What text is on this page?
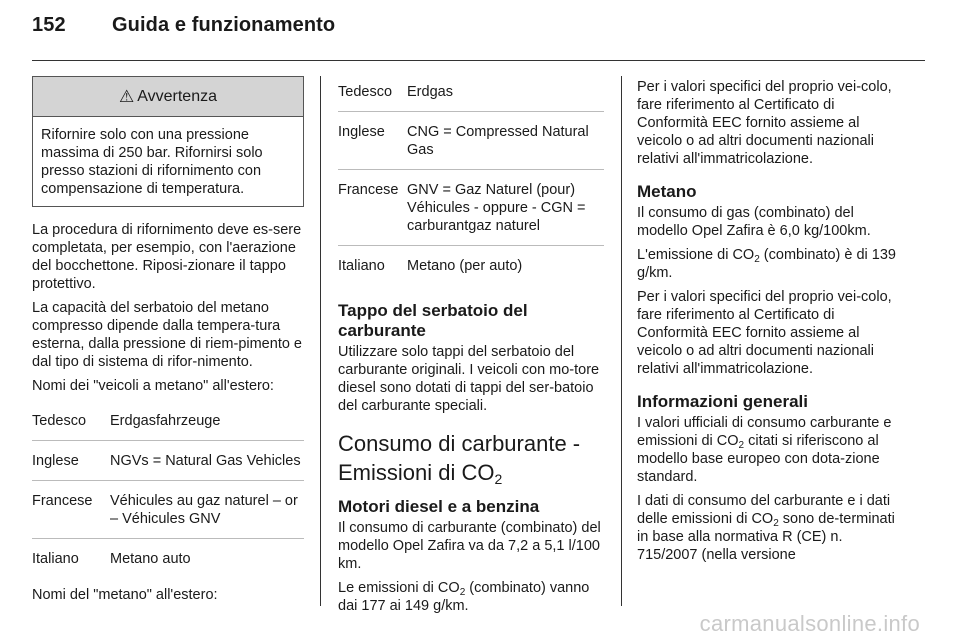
152 Guida e funzionamento
⚠ Avvertenza
Rifornire solo con una pressione massima di 250 bar. Rifornirsi solo presso stazioni di rifornimento con compensazione di temperatura.

La procedura di rifornimento deve es-sere completata, per esempio, con l'aerazione del bocchettone. Riposi-zionare il tappo protettivo.

La capacità del serbatoio del metano compresso dipende dalla tempera-tura esterna, dalla pressione di riem-pimento e dal tipo di sistema di rifor-nimento.

Nomi dei "veicoli a metano" all'estero:

Tedesco	Erdgasfahrzeuge
Inglese	NGVs = Natural Gas Vehicles
Francese	Véhicules au gaz naturel – or – Véhicules GNV
Italiano	Metano auto

Nomi del "metano" all'estero:

Tedesco	Erdgas
Inglese	CNG = Compressed Natural Gas
Francese	GNV = Gaz Naturel (pour) Véhicules - oppure - CGN = carburantgaz naturel
Italiano	Metano (per auto)
Tappo del serbatoio del carburante

Utilizzare solo tappi del serbatoio del carburante originali. I veicoli con mo-tore diesel sono dotati di tappi del ser-batoio del carburante speciali.

Consumo di carburante - Emissioni di $CO_2$
Motori diesel e a benzina

Il consumo di carburante (combinato) del modello Opel Zafira va da 7,2 a 5,1 l/100 km.

Le emissioni di $CO_2$ (combinato) vanno dai 177 ai 149 g/km.

Per i valori specifici del proprio vei-colo, fare riferimento al Certificato di Conformità EEC fornito assieme al veicolo o ad altri documenti nazionali relativi all'immatricolazione.

Metano

Il consumo di gas (combinato) del modello Opel Zafira è 6,0 kg/100km.

L'emissione di $CO_2$ (combinato) è di 139 g/km.

Per i valori specifici del proprio vei-colo, fare riferimento al Certificato di Conformità EEC fornito assieme al veicolo o ad altri documenti nazionali relativi all'immatricolazione.

Informazioni generali

I valori ufficiali di consumo carburante e emissioni di $CO_2$ citati si riferiscono al modello base europeo con dota-zione standard.

I dati di consumo del carburante e i dati delle emissioni di $CO_2$ sono de-terminati in base alla normativa R (CE) n. 715/2007 (nella versione

carmanualsonline.info
